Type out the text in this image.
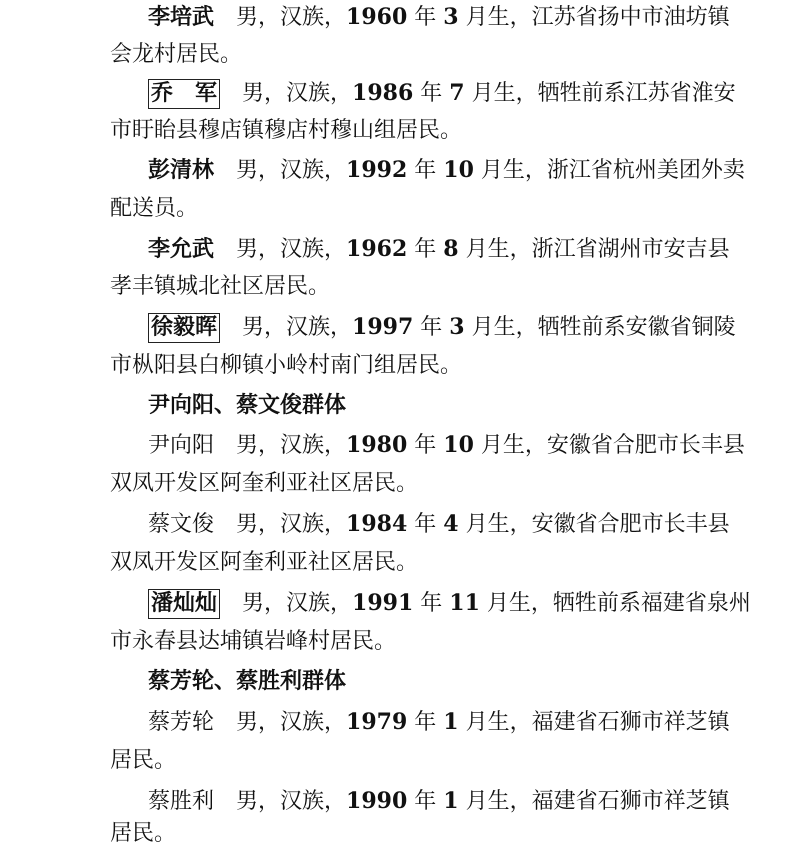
李培武 男，汉族，1960 年 3 月生，江苏省扬中市油坊镇
会龙村居民。
乔　军 男，汉族，1986 年 7 月生，牺牲前系江苏省淮安
市盱眙县穆店镇穆店村穆山组居民。
彭清林 男，汉族，1992 年 10 月生，浙江省杭州美团外卖
配送员。
李允武 男，汉族，1962 年 8 月生，浙江省湖州市安吉县
孝丰镇城北社区居民。
徐毅晖 男，汉族，1997 年 3 月生，牺牲前系安徽省铜陵
市枞阳县白柳镇小岭村南门组居民。
尹向阳、蔡文俊群体
尹向阳 男，汉族，1980 年 10 月生，安徽省合肥市长丰县
双凤开发区阿奎利亚社区居民。
蔡文俊 男，汉族，1984 年 4 月生，安徽省合肥市长丰县
双凤开发区阿奎利亚社区居民。
潘灿灿 男，汉族，1991 年 11 月生，牺牲前系福建省泉州
市永春县达埔镇岩峰村居民。
蔡芳轮、蔡胜利群体
蔡芳轮 男，汉族，1979 年 1 月生，福建省石狮市祥芝镇
居民。
蔡胜利 男，汉族，1990 年 1 月生，福建省石狮市祥芝镇
居民。
